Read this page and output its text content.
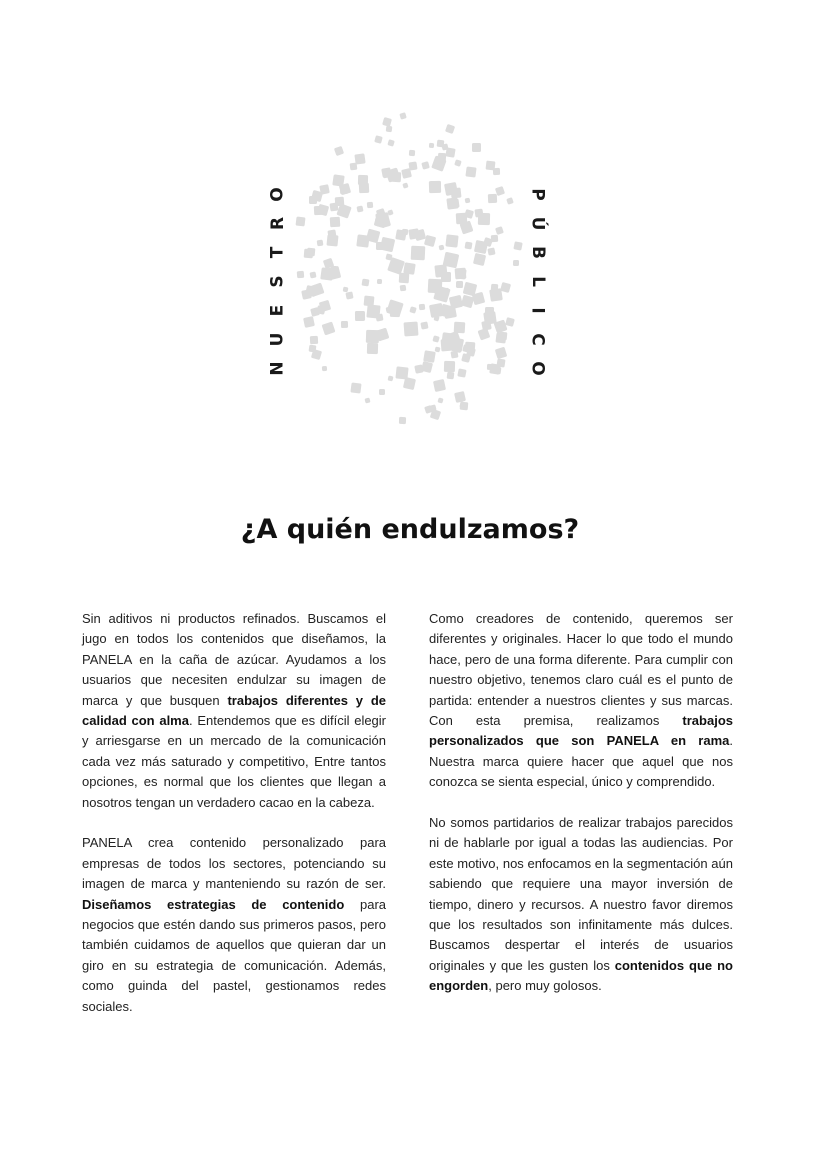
N
U
E
S
T
R
O	P
Ú
B
L
I
C
O
¿A quién endulzamos?

Sin aditivos ni productos refinados. Buscamos el jugo en todos los contenidos que diseñamos, la PANELA en la caña de azúcar. Ayudamos a los usuarios que necesiten endulzar su imagen de marca y que busquen trabajos diferentes y de calidad con alma. Entendemos que es difícil elegir y arriesgarse en un mercado de la comunicación cada vez más saturado y competitivo, Entre tantos opciones, es normal que los clientes que llegan a nosotros tengan un verdadero cacao en la cabeza.

PANELA crea contenido personalizado para empresas de todos los sectores, potenciando su imagen de marca y manteniendo su razón de ser. Diseñamos estrategias de contenido para negocios que estén dando sus primeros pasos, pero también cuidamos de aquellos que quieran dar un giro en su estrategia de comunicación. Además, como guinda del pastel, gestionamos redes sociales.

Como creadores de contenido, queremos ser diferentes y originales. Hacer lo que todo el mundo hace, pero de una forma diferente. Para cumplir con nuestro objetivo, tenemos claro cuál es el punto de partida: entender a nuestros clientes y sus marcas. Con esta premisa, realizamos trabajos personalizados que son PANELA en rama. Nuestra marca quiere hacer que aquel que nos conozca se sienta especial, único y comprendido.

No somos partidarios de realizar trabajos parecidos ni de hablarle por igual a todas las audiencias. Por este motivo, nos enfocamos en la segmentación aún sabiendo que requiere una mayor inversión de tiempo, dinero y recursos. A nuestro favor diremos que los resultados son infinitamente más dulces. Buscamos despertar el interés de usuarios originales y que les gusten los contenidos que no engorden, pero muy golosos.
